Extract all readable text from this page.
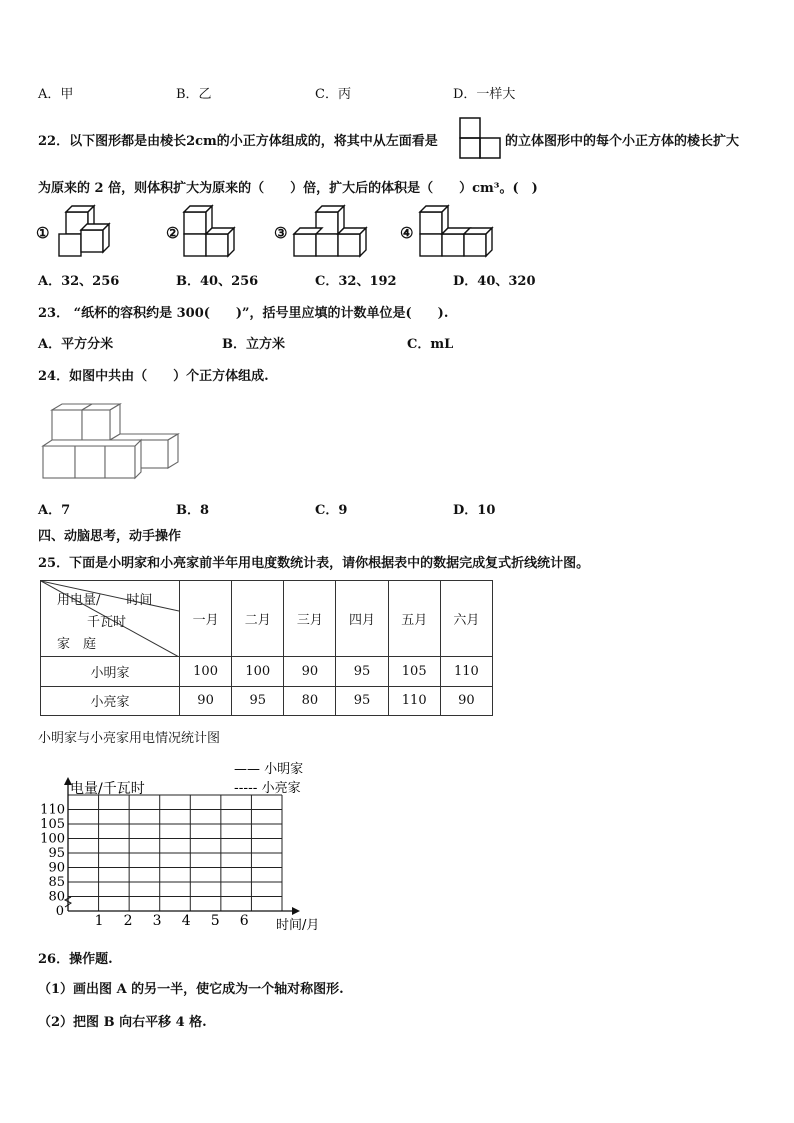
A．甲	B．乙	C．丙	D．一样大
22．以下图形都是由棱长2cm的小正方体组成的，将其中从左面看是	的立体图形中的每个小正方体的棱长扩大
为原来的 2 倍，则体积扩大为原来的（　　）倍，扩大后的体积是（　　）cm³。(　)
①	②	③	④
A．32、256	B．40、256	C．32、192	D．40、320
23． “纸杯的容积约是 300(　　)”，括号里应填的计数单位是(　　).
A．平方分米	B．立方米	C．mL
24．如图中共由（　　）个正方体组成.
A．7	B．8	C．9	D．10
四、动脑思考，动手操作
25．下面是小明家和小亮家前半年用电度数统计表，请你根据表中的数据完成复式折线统计图。
用电量/　　时间
千瓦时
家　庭	一月	二月	三月	四月	五月	六月
小明家	100	100	90	95	105	110
小亮家	90	95	80	95	110	90
小明家与小亮家用电情况统计图
0
80
85
90
95
100
105
110
1 2 3 4 5 6
电量/千瓦时
时间/月
—— 小明家
----- 小亮家
26．操作题.
（1）画出图 A 的另一半，使它成为一个轴对称图形.
（2）把图 B 向右平移 4 格.
